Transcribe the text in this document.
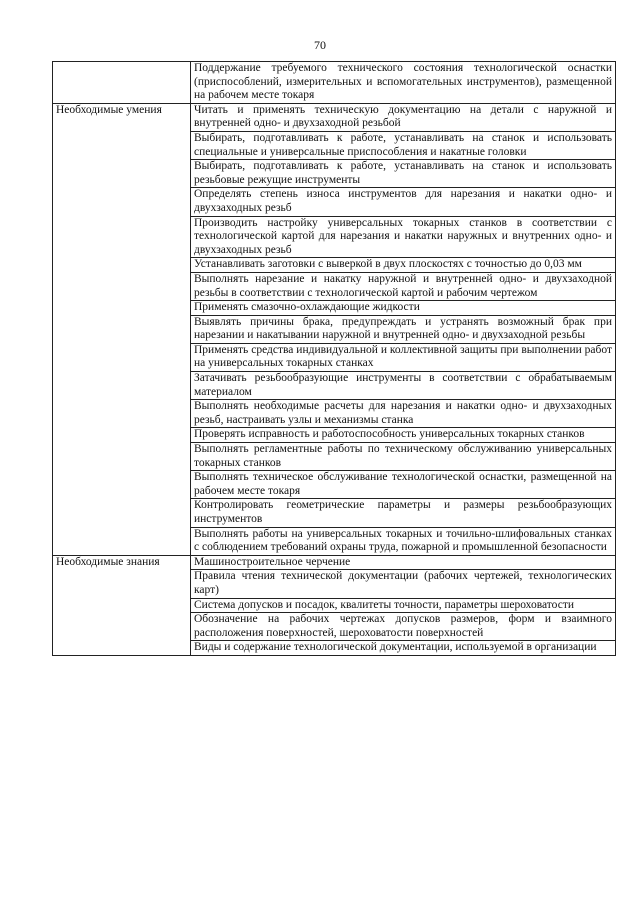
70
	Поддержание требуемого технического состояния технологической оснастки (приспособлений, измерительных и вспомогательных инструментов), размещенной на рабочем месте токаря
Необходимые умения	Читать и применять техническую документацию на детали с наружной и внутренней одно- и двухзаходной резьбой
	Выбирать, подготавливать к работе, устанавливать на станок и использовать специальные и универсальные приспособления и накатные головки
	Выбирать, подготавливать к работе, устанавливать на станок и использовать резьбовые режущие инструменты
	Определять степень износа инструментов для нарезания и накатки одно- и двухзаходных резьб
	Производить настройку универсальных токарных станков в соответствии с технологической картой для нарезания и накатки наружных и внутренних одно- и двухзаходных резьб
	Устанавливать заготовки с выверкой в двух плоскостях с точностью до 0,03 мм
	Выполнять нарезание и накатку наружной и внутренней одно- и двухзаходной резьбы в соответствии с технологической картой и рабочим чертежом
	Применять смазочно-охлаждающие жидкости
	Выявлять причины брака, предупреждать и устранять возможный брак при нарезании и накатывании наружной и внутренней одно- и двухзаходной резьбы
	Применять средства индивидуальной и коллективной защиты при выполнении работ на универсальных токарных станках
	Затачивать резьбообразующие инструменты в соответствии с обрабатываемым материалом
	Выполнять необходимые расчеты для нарезания и накатки одно- и двухзаходных резьб, настраивать узлы и механизмы станка
	Проверять исправность и работоспособность универсальных токарных станков
	Выполнять регламентные работы по техническому обслуживанию универсальных токарных станков
	Выполнять техническое обслуживание технологической оснастки, размещенной на рабочем месте токаря
	Контролировать геометрические параметры и размеры резьбообразующих инструментов
	Выполнять работы на универсальных токарных и точильно-шлифовальных станках с соблюдением требований охраны труда, пожарной и промышленной безопасности
Необходимые знания	Машиностроительное черчение
	Правила чтения технической документации (рабочих чертежей, технологических карт)
	Система допусков и посадок, квалитеты точности, параметры шероховатости
	Обозначение на рабочих чертежах допусков размеров, форм и взаимного расположения поверхностей, шероховатости поверхностей
	Виды и содержание технологической документации, используемой в организации
